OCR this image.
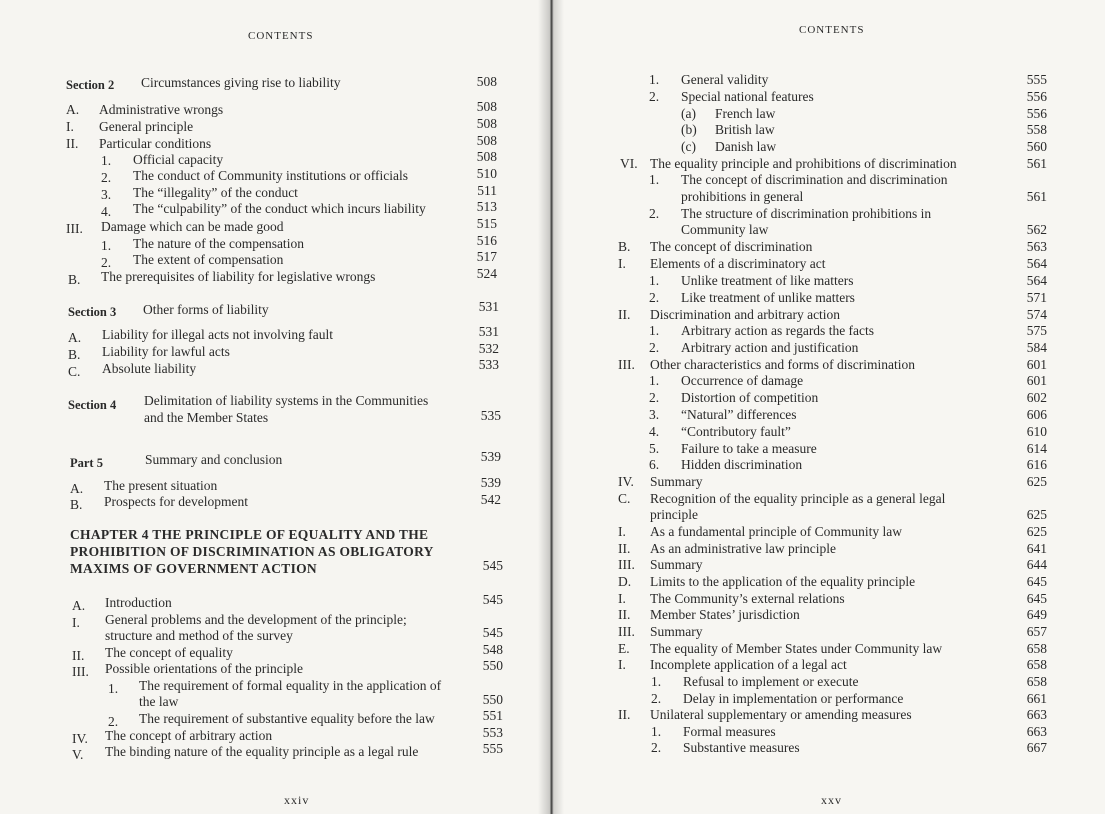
CONTENTS
Section 2 Circumstances giving rise to liability	508
A. Administrative wrongs	508
I. General principle	508
II. Particular conditions	508
1. Official capacity	508
2. The conduct of Community institutions or officials	510
3. The “illegality” of the conduct	511
4. The “culpability” of the conduct which incurs liability	513
III. Damage which can be made good	515
1. The nature of the compensation	516
2. The extent of compensation	517
B. The prerequisites of liability for legislative wrongs	524
Section 3 Other forms of liability	531
A. Liability for illegal acts not involving fault	531
B. Liability for lawful acts	532
C. Absolute liability	533
Section 4 Delimitation of liability systems in the Communities
and the Member States	535
Part 5	Summary and conclusion	539
A. The present situation	539
B. Prospects for development	542
CHAPTER 4 THE PRINCIPLE OF EQUALITY AND THE
PROHIBITION OF DISCRIMINATION AS OBLIGATORY
MAXIMS OF GOVERNMENT ACTION	545
A. Introduction	545
I. General problems and the development of the principle;
structure and method of the survey	545
II. The concept of equality	548
III. Possible orientations of the principle	550
1. The requirement of formal equality in the application of
the law	550
2. The requirement of substantive equality before the law	551
IV. The concept of arbitrary action	553
V. The binding nature of the equality principle as a legal rule	555
xxiv
CONTENTS
1. General validity	555
2. Special national features	556
(a) French law	556
(b) British law	558
(c) Danish law	560
VI. The equality principle and prohibitions of discrimination	561
1. The concept of discrimination and discrimination
prohibitions in general	561
2. The structure of discrimination prohibitions in
Community law	562
B. The concept of discrimination	563
I. Elements of a discriminatory act	564
1. Unlike treatment of like matters	564
2. Like treatment of unlike matters	571
II. Discrimination and arbitrary action	574
1. Arbitrary action as regards the facts	575
2. Arbitrary action and justification	584
III. Other characteristics and forms of discrimination	601
1. Occurrence of damage	601
2. Distortion of competition	602
3. “Natural” differences	606
4. “Contributory fault”	610
5. Failure to take a measure	614
6. Hidden discrimination	616
IV. Summary	625
C. Recognition of the equality principle as a general legal
principle	625
I. As a fundamental principle of Community law	625
II. As an administrative law principle	641
III. Summary	644
D. Limits to the application of the equality principle	645
I. The Community’s external relations	645
II. Member States’ jurisdiction	649
III. Summary	657
E. The equality of Member States under Community law	658
I. Incomplete application of a legal act	658
1. Refusal to implement or execute	658
2. Delay in implementation or performance	661
II. Unilateral supplementary or amending measures	663
1. Formal measures	663
2. Substantive measures	667
xxv
